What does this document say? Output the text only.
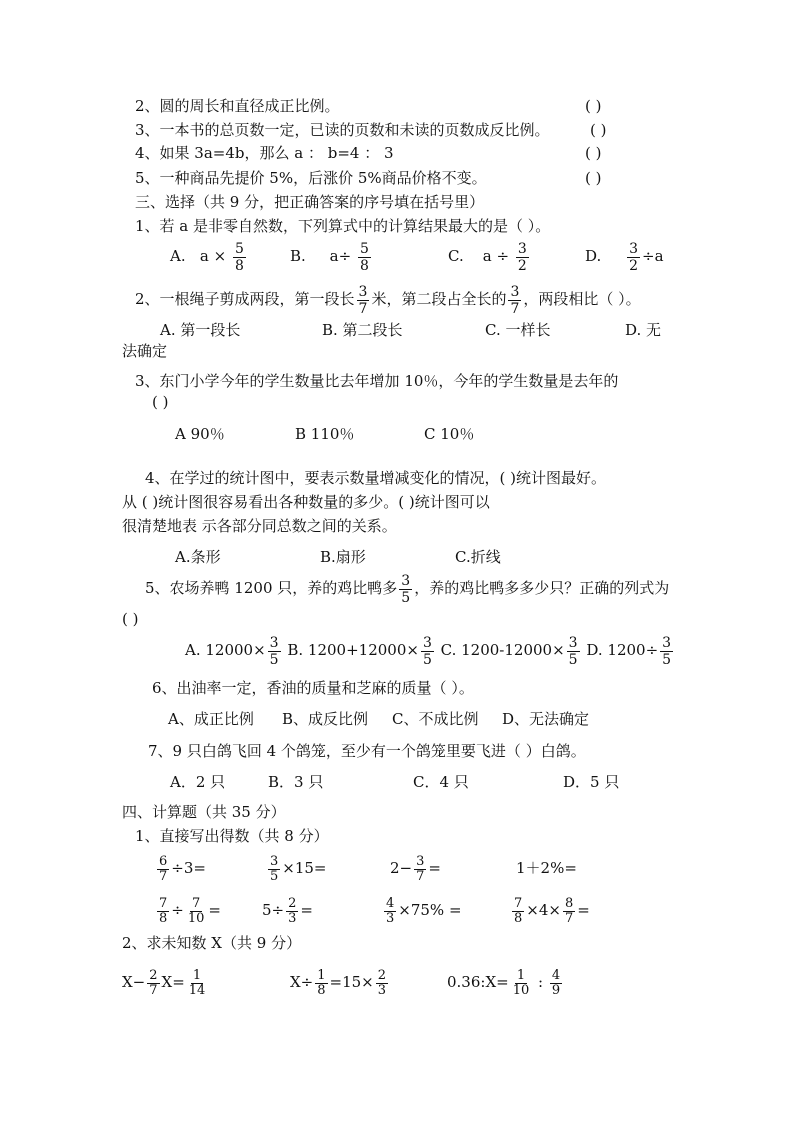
2、圆的周长和直径成正比例。	( )
3、一本书的总页数一定，已读的页数和未读的页数成反比例。	( )
4、如果 3a=4b，那么 a ： b=4 ： 3	( )
5、一种商品先提价 5%，后涨价 5%商品价格不变。	( )
三、选择（共 9 分，把正确答案的序号填在括号里）
1、若 a 是非零自然数，下列算式中的计算结果最大的是（ ）。
A. $a \times \frac{5}{8}$	B. $a\div \frac{5}{8}$	C. $a \div \frac{3}{2}$	D. $\frac{3}{2} \div a$
2、一根绳子剪成两段，第一段长 $\frac{3}{7}$ 米，第二段占全长的 $\frac{3}{7}$ ，两段相比（ ）。
A. 第一段长	B. 第二段长	C. 一样长	D. 无
法确定
3、东门小学今年的学生数量比去年增加 10％，今年的学生数量是去年的
( )
A 90％	B 110％	C 10％
4、在学过的统计图中，要表示数量增减变化的情况，( )统计图最好。
从 ( )统计图很容易看出各种数量的多少。( )统计图可以
很清楚地表 示各部分同总数之间的关系。
A.条形	B.扇形	C.折线
5、农场养鸭 1200 只，养的鸡比鸭多 $\frac{3}{5}$ ，养的鸡比鸭多多少只？正确的列式为
( )
A. $12000\times \frac{3}{5} B$. $1200+12000\times \frac{3}{5} C$. $1200-12000\times \frac{3}{5} D$. $1200\div \frac{3}{5}$
6、出油率一定，香油的质量和芝麻的质量（ ）。
A、成正比例 B、成反比例 C、不成比例 D、无法确定
7、9 只白鸽飞回 4 个鸽笼，至少有一个鸽笼里要飞进（ ）白鸽。
A．2 只	B．3 只	C．4 只	D．5 只
四、计算题（共 35 分）
1、直接写出得数（共 8 分）
$\frac{6}{7} \div 3=$	$\frac{3}{5} \times 15=$	$2- \frac{3}{7}$ =	1＋2%=
$\frac{7}{8} \div \frac{7}{10}$ =	$5\div \frac{2}{3}$ =	$\frac{4}{3} \times 75\%$ =	$\frac{7}{8} \times 4\times \frac{8}{7}$ =
2、求未知数 X（共 9 分）
$X- \frac{2}{7} X= \frac{1}{14}$	$X\div \frac{1}{8} =15\times \frac{2}{3}$	0.36:X= $\frac{1}{10}$ : $\frac{4}{9}$
